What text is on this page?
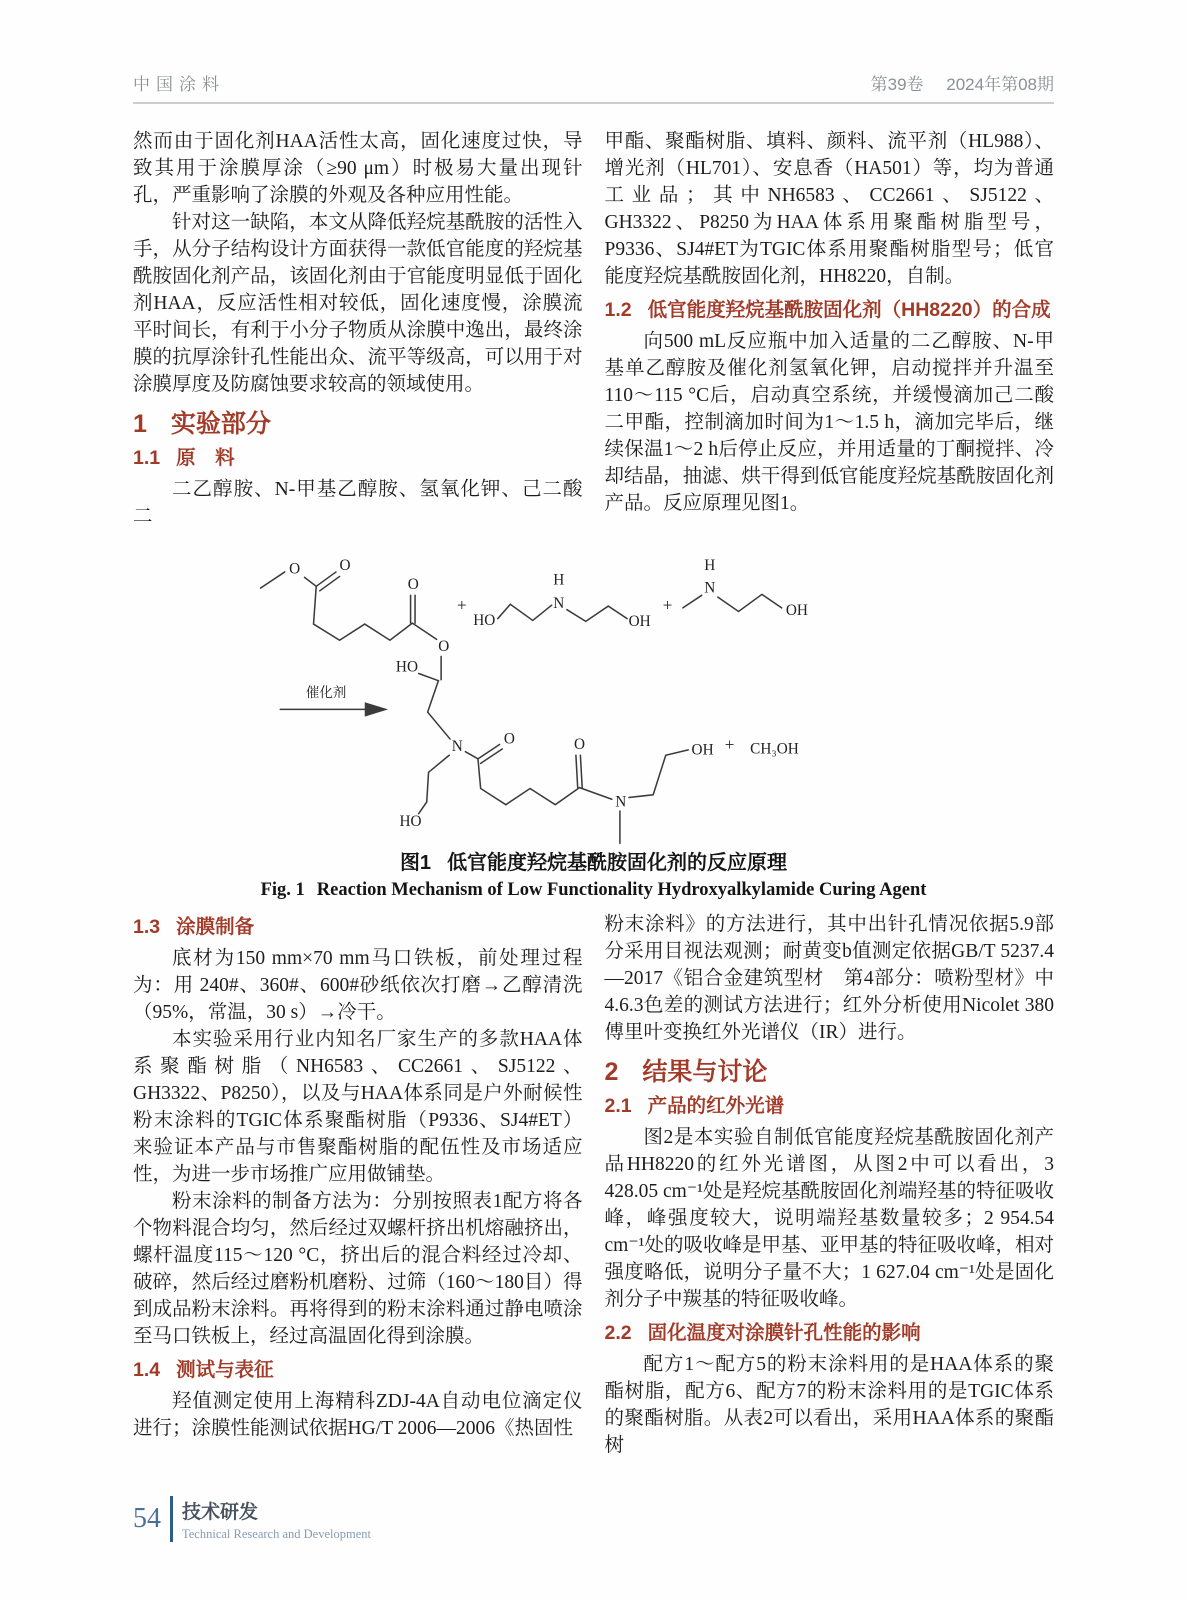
中国涂料	第39卷 2024年第08期

然而由于固化剂HAA活性太高，固化速度过快，导致其用于涂膜厚涂（≥90 μm）时极易大量出现针孔，严重影响了涂膜的外观及各种应用性能。

针对这一缺陷，本文从降低羟烷基酰胺的活性入手，从分子结构设计方面获得一款低官能度的羟烷基酰胺固化剂产品，该固化剂由于官能度明显低于固化剂HAA，反应活性相对较低，固化速度慢，涂膜流平时间长，有利于小分子物质从涂膜中逸出，最终涂膜的抗厚涂针孔性能出众、流平等级高，可以用于对涂膜厚度及防腐蚀要求较高的领域使用。

1 实验部分
1.1 原　料

二乙醇胺、N-甲基乙醇胺、氢氧化钾、己二酸二

甲酯、聚酯树脂、填料、颜料、流平剂（HL988）、增光剂（HL701）、安息香（HA501）等，均为普通工业品；其中NH6583、CC2661、SJ5122、GH3322、P8250为HAA体系用聚酯树脂型号，P9336、SJ4#ET为TGIC体系用聚酯树脂型号；低官能度羟烷基酰胺固化剂，HH8220，自制。

1.2 低官能度羟烷基酰胺固化剂（HH8220）的合成

向500 mL反应瓶中加入适量的二乙醇胺、N-甲基单乙醇胺及催化剂氢氧化钾，启动搅拌并升温至110～115 °C后，启动真空系统，并缓慢滴加己二酸二甲酯，控制滴加时间为1～1.5 h，滴加完毕后，继续保温1～2 h后停止反应，并用适量的丁酮搅拌、冷却结晶，抽滤、烘干得到低官能度羟烷基酰胺固化剂产品。反应原理见图1。

O O
O
O
+
HO
N
H
OH
+
H
N
OH
催化剂
HO
N
HO
O	O
N
OH + CH₃OH
图1 低官能度羟烷基酰胺固化剂的反应原理
Fig. 1 Reaction Mechanism of Low Functionality Hydroxyalkylamide Curing Agent
1.3 涂膜制备

底材为150 mm×70 mm马口铁板，前处理过程为：用 240#、360#、600#砂纸依次打磨→乙醇清洗（95%，常温，30 s）→冷干。

本实验采用行业内知名厂家生产的多款HAA体系聚酯树脂（NH6583、CC2661、SJ5122、GH3322、P8250），以及与HAA体系同是户外耐候性粉末涂料的TGIC体系聚酯树脂（P9336、SJ4#ET）来验证本产品与市售聚酯树脂的配伍性及市场适应性，为进一步市场推广应用做铺垫。

粉末涂料的制备方法为：分别按照表1配方将各个物料混合均匀，然后经过双螺杆挤出机熔融挤出，螺杆温度115～120 °C，挤出后的混合料经过冷却、破碎，然后经过磨粉机磨粉、过筛（160～180目）得到成品粉末涂料。再将得到的粉末涂料通过静电喷涂至马口铁板上，经过高温固化得到涂膜。

1.4 测试与表征

羟值测定使用上海精科ZDJ-4A自动电位滴定仪进行；涂膜性能测试依据HG/T 2006—2006《热固性

粉末涂料》的方法进行，其中出针孔情况依据5.9部分采用目视法观测；耐黄变b值测定依据GB/T 5237.4—2017《铝合金建筑型材　第4部分：喷粉型材》中4.6.3色差的测试方法进行；红外分析使用Nicolet 380傅里叶变换红外光谱仪（IR）进行。

2 结果与讨论
2.1 产品的红外光谱

图2是本实验自制低官能度羟烷基酰胺固化剂产品HH8220的红外光谱图，从图2中可以看出，3 428.05 cm⁻¹处是羟烷基酰胺固化剂端羟基的特征吸收峰，峰强度较大，说明端羟基数量较多；2 954.54 cm⁻¹处的吸收峰是甲基、亚甲基的特征吸收峰，相对强度略低，说明分子量不大；1 627.04 cm⁻¹处是固化剂分子中羰基的特征吸收峰。

2.2 固化温度对涂膜针孔性能的影响

配方1～配方5的粉末涂料用的是HAA体系的聚酯树脂，配方6、配方7的粉末涂料用的是TGIC体系的聚酯树脂。从表2可以看出，采用HAA体系的聚酯树

54 技术研发
Technical Research and Development
